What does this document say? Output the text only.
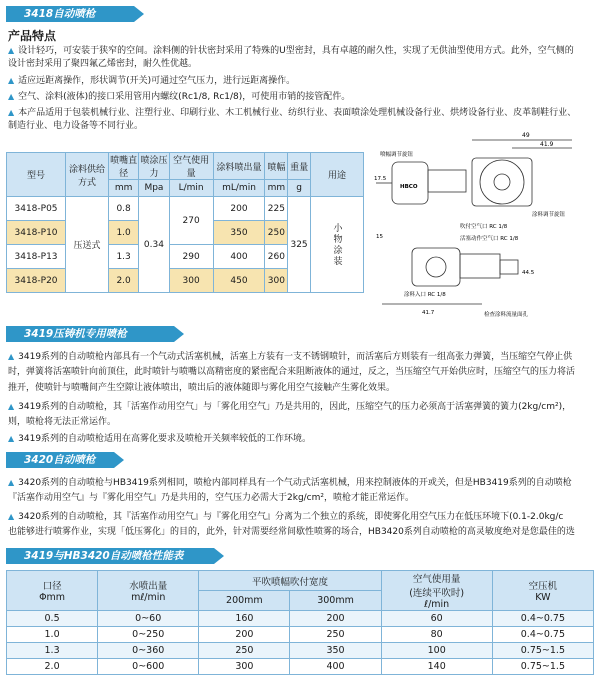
3418自动喷枪
产品特点
▲ 设计轻巧，可安装于狭窄的空间。涂料侧的针状密封采用了特殊的U型密封，具有卓越的耐久性，实现了无供油型使用方式。此外，空气侧的
设计密封采用了聚四氟乙烯密封，耐久性优越。
▲ 适应远距离操作，形状调节(开关)可通过空气压力，进行远距离操作。
▲ 空气、涂料(液体)的接口采用管用内螺纹(Rc1/8, Rc1/8)，可使用市销的接管配件。
▲ 本产品适用于包装机械行业、注塑行业、印刷行业、木工机械行业、纺织行业、表面喷涂处理机械设备行业、烘烤设备行业、皮革制鞋行业、
制造行业、电力设备等不同行业。
型号	涂料供给方式	喷嘴直径	喷涂压力	空气使用量	涂料喷出量	喷幅	重量	用途
		mm	Mpa	L/min	mL/min	mm	g	
3418-P05	压送式	0.8	0.34	270	200	225	325	小物涂装
3418-P10		1.0			350	250		
3418-P13		1.3		290	400	260		
3418-P20		2.0		300	450	300		
49
41.9
17.5
喷幅调节旋钮
HBCO
涂料调节旋钮
吹付空气口 RC 1/8
活塞动作空气口 RC 1/8
涂料入口 RC 1/8
检查涂料流量面孔
15
44.5
41.7
3419压铸机专用喷枪
▲ 3419系列的自动喷枪内部具有一个气动式活塞机械，活塞上方装有一支不锈钢喷针，而活塞后方则装有一组高张力弹簧，当压缩空气停止供
时，弹簧将活塞喷针向前顶住，此时喷针与喷嘴以高精密度的紧密配合来阻断液体的通过，反之，当压缩空气开始供应时，压缩空气的压力将活
推开，使喷针与喷嘴间产生空隙让液体喷出，喷出后的液体随即与雾化用空气接触产生雾化效果。
▲ 3419系列的自动喷枪，其「活塞作动用空气」与「雾化用空气」乃是共用的，因此，压缩空气的压力必须高于活塞弹簧的簧力(2kg/cm²)，
则，喷枪将无法正常运作。
▲ 3419系列的自动喷枪适用在高雾化要求及喷枪开关频率较低的工作环境。
3420自动喷枪
▲ 3420系列的自动喷枪与HB3419系列相同，喷枪内部同样具有一个气动式活塞机械，用来控制液体的开或关，但是HB3419系列的自动喷枪
『活塞作动用空气』与『雾化用空气』乃是共用的，空气压力必需大于2kg/cm²，喷枪才能正常运作。
▲ 3420系列的自动喷枪，其『活塞作动用空气』与『雾化用空气』分离为二个独立的系统，即使雾化用空气压力在低压环境下(0.1-2.0kg/c
也能够进行喷雾作业，实现「低压雾化」的目的，此外，针对需要经常间歇性喷雾的场合，HB3420系列自动喷枪的高灵敏度绝对是您最佳的选
3419与HB3420自动喷枪性能表
口径
Φmm	水喷出量
mℓ/min	平吹喷幅吹付宽度		空气使用量
(连续平吹时)
ℓ/min	空压机
KW
		200mm	300mm		
0.5	0~60	160	200	60	0.4~0.75
1.0	0~250	200	250	80	0.4~0.75
1.3	0~360	250	350	100	0.75~1.5
2.0	0~600	300	400	140	0.75~1.5
